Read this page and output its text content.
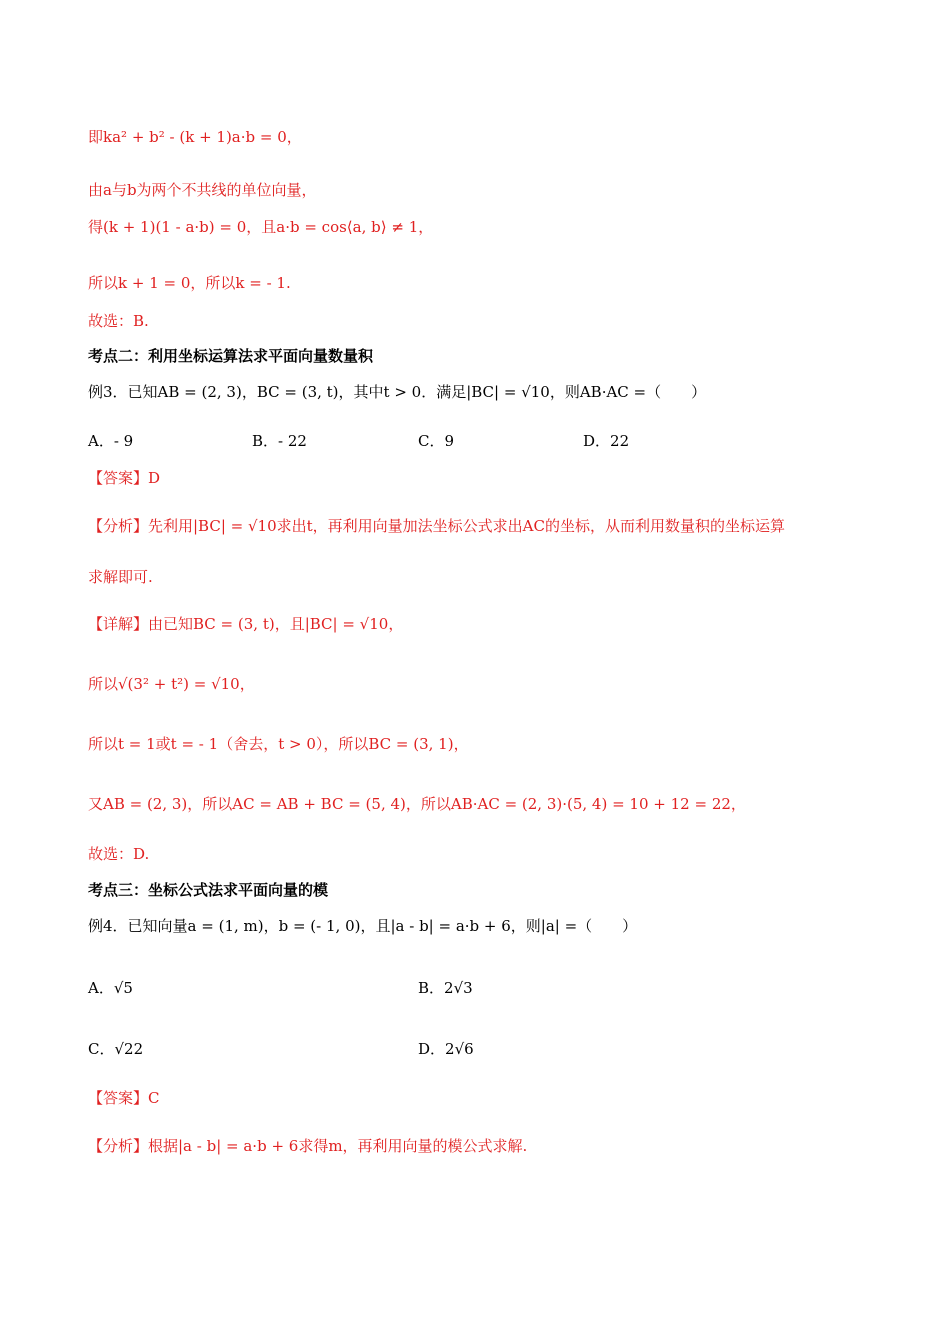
即ka² + b² - (k + 1)a·b = 0，
由a与b为两个不共线的单位向量，
得(k + 1)(1 - a·b) = 0，且a·b = cos⟨a, b⟩ ≠ 1，
所以k + 1 = 0，所以k = - 1.
故选：B.
考点二：利用坐标运算法求平面向量数量积
例3．已知AB = (2, 3)，BC = (3, t)，其中t > 0．满足|BC| = √10，则AB·AC =（　　）
A．- 9	B．- 22	C．9	D．22
【答案】D
【分析】先利用|BC| = √10求出t，再利用向量加法坐标公式求出AC的坐标，从而利用数量积的坐标运算
求解即可.
【详解】由已知BC = (3, t)，且|BC| = √10，
所以√(3² + t²) = √10，
所以t = 1或t = - 1（舍去，t > 0），所以BC = (3, 1)，
又AB = (2, 3)，所以AC = AB + BC = (5, 4)，所以AB·AC = (2, 3)·(5, 4) = 10 + 12 = 22，
故选：D.
考点三：坐标公式法求平面向量的模
例4．已知向量a = (1, m)，b = (- 1, 0)，且|a - b| = a·b + 6，则|a| =（　　）
A．√5	B．2√3
C．√22	D．2√6
【答案】C
【分析】根据|a - b| = a·b + 6求得m，再利用向量的模公式求解.
